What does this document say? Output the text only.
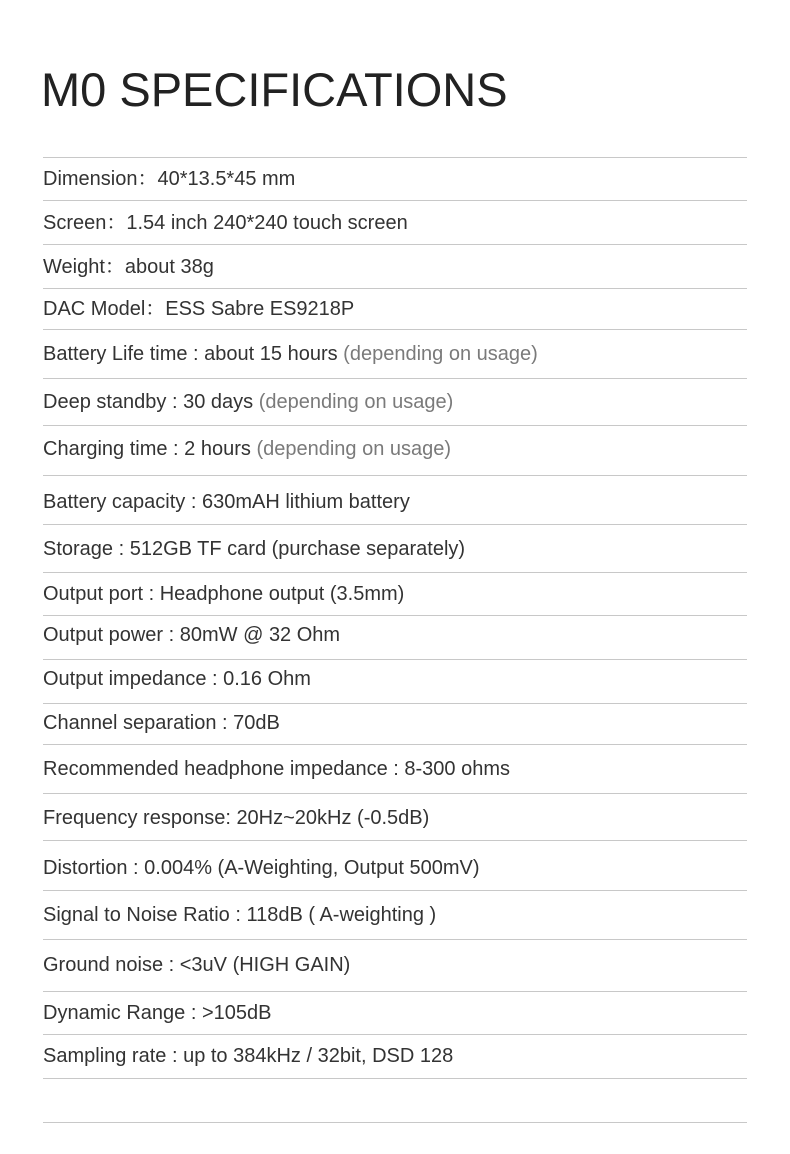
M0 SPECIFICATIONS
Dimension：40*13.5*45 mm
Screen：1.54 inch 240*240 touch screen
Weight：about 38g
DAC Model：ESS Sabre ES9218P
Battery Life time : about 15 hours (depending on usage)
Deep standby : 30 days (depending on usage)
Charging time : 2 hours (depending on usage)
Battery capacity : 630mAH lithium battery
Storage : 512GB TF card (purchase separately)
Output port : Headphone output (3.5mm)
Output power : 80mW @ 32 Ohm
Output impedance : 0.16 Ohm
Channel separation : 70dB
Recommended headphone impedance : 8-300 ohms
Frequency response: 20Hz~20kHz (-0.5dB)
Distortion : 0.004% (A-Weighting, Output 500mV)
Signal to Noise Ratio : 118dB ( A-weighting )
Ground noise : <3uV (HIGH GAIN)
Dynamic Range : >105dB
Sampling rate : up to 384kHz / 32bit, DSD 128
